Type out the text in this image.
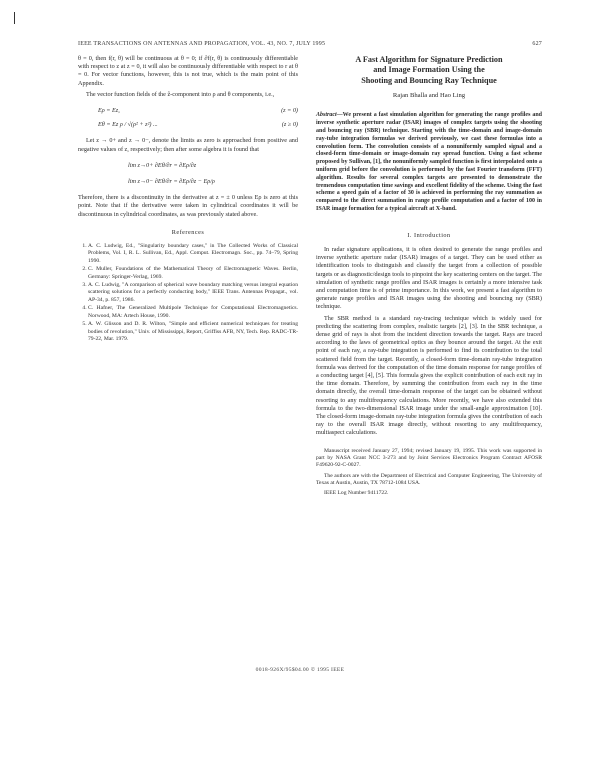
IEEE TRANSACTIONS ON ANTENNAS AND PROPAGATION, VOL. 43, NO. 7, JULY 1995	627

θ = 0, then f(r, θ) will be continuous at θ = 0; if ∂f(r, θ) is continuously differentiable with respect to z at z = 0, it will also be continuously differentiable with respect to r at θ = 0. For vector functions, however, this is not true, which is the main point of this Appendix.

The vector function fields of the ẑ-component into ρ and θ components, i.e.,

Eρ = Ez,	(z = 0)
Eθ = Ez ρ / √(ρ² + z²) ...	(z ≥ 0)

Let z → 0+ and z → 0−, denote the limits as zero is approached from positive and negative values of z, respectively; then after some algebra it is found that

lim z→0+ ∂Eθ/∂r = ∂Eρ/∂z
lim z→0− ∂Eθ/∂r = ∂Eρ/∂z − Eρ/ρ

Therefore, there is a discontinuity in the derivative at z = ± 0 unless Eρ is zero at this point. Note that if the derivative were taken in cylindrical coordinates it will be discontinuous in cylindrical coordinates, as was previously stated above.

References
1. A. C. Ludwig, Ed., "Singularity boundary cases," in The Collected Works of Classical Problems, Vol. I, R. L. Sullivan, Ed., Appl. Comput. Electromagn. Soc., pp. 74–79, Spring 1990.
2. C. Muller, Foundations of the Mathematical Theory of Electromagnetic Waves. Berlin, Germany: Springer-Verlag, 1969.
3. A. C. Ludwig, "A comparison of spherical wave boundary matching versus integral equation scattering solutions for a perfectly conducting body," IEEE Trans. Antennas Propagat., vol. AP-34, p. 857, 1986.
4. C. Hafner, The Generalized Multipole Technique for Computational Electromagnetics. Norwood, MA: Artech House, 1990.
5. A. W. Glisson and D. R. Wilton, "Simple and efficient numerical techniques for treating bodies of revolution," Univ. of Mississippi, Report, Griffiss AFB, NY, Tech. Rep. RADC-TR-79-22, Mar. 1979.
A Fast Algorithm for Signature Prediction
and Image Formation Using the
Shooting and Bouncing Ray Technique
Rajan Bhalla and Hao Ling

Abstract—We present a fast simulation algorithm for generating the range profiles and inverse synthetic aperture radar (ISAR) images of complex targets using the shooting and bouncing ray (SBR) technique. Starting with the time-domain and image-domain ray-tube integration formulas we derived previously, we cast these formulas into a convolution form. The convolution consists of a nonuniformly sampled signal and a closed-form time-domain or image-domain ray spread function. Using a fast scheme proposed by Sullivan, [1], the nonuniformly sampled function is first interpolated onto a uniform grid before the convolution is performed by the fast Fourier transform (FFT) algorithm. Results for several complex targets are presented to demonstrate the tremendous computation time savings and excellent fidelity of the scheme. Using the fast scheme a speed gain of a factor of 30 is achieved in performing the ray summation as compared to the direct summation in range profile computation and a factor of 100 in ISAR image formation for a typical aircraft at X-band.

I. Introduction

In radar signature applications, it is often desired to generate the range profiles and inverse synthetic aperture radar (ISAR) images of a target. They can be used either as identification tools to distinguish and classify the target from a collection of possible targets or as diagnostic/design tools to pinpoint the key scattering centers on the target. The simulation of synthetic range profiles and ISAR images is certainly a more intensive task and computation time is of prime importance. In this work, we present a fast algorithm to generate range profiles and ISAR images using the shooting and bouncing ray (SBR) technique.

The SBR method is a standard ray-tracing technique which is widely used for predicting the scattering from complex, realistic targets [2], [3]. In the SBR technique, a dense grid of rays is shot from the incident direction towards the target. Rays are traced according to the laws of geometrical optics as they bounce around the target. At the exit point of each ray, a ray-tube integration is performed to find its contribution to the total scattered field from the target. Recently, a closed-form time-domain ray-tube integration formula was derived for the computation of the time domain response for range profiles of a conducting target [4], [5]. This formula gives the explicit contribution of each exit ray in the time domain. Therefore, by summing the contribution from each ray in the time domain directly, the overall time-domain response of the target can be obtained without resorting to any multifrequency calculations. More recently, we have also extended this formula to the two-dimensional ISAR image under the small-angle approximation [10]. The closed-form image-domain ray-tube integration formula gives the contribution of each ray to the overall ISAR image directly, without resorting to any multifrequency, multiaspect calculations.

Manuscript received January 27, 1994; revised January 19, 1995. This work was supported in part by NASA Grant NCC 3-273 and by Joint Services Electronics Program Contract AFOSR F49620-92-C-0027.

The authors are with the Department of Electrical and Computer Engineering, The University of Texas at Austin, Austin, TX 78712-1084 USA.

IEEE Log Number 9411722.

0018-926X/95$04.00 © 1995 IEEE
